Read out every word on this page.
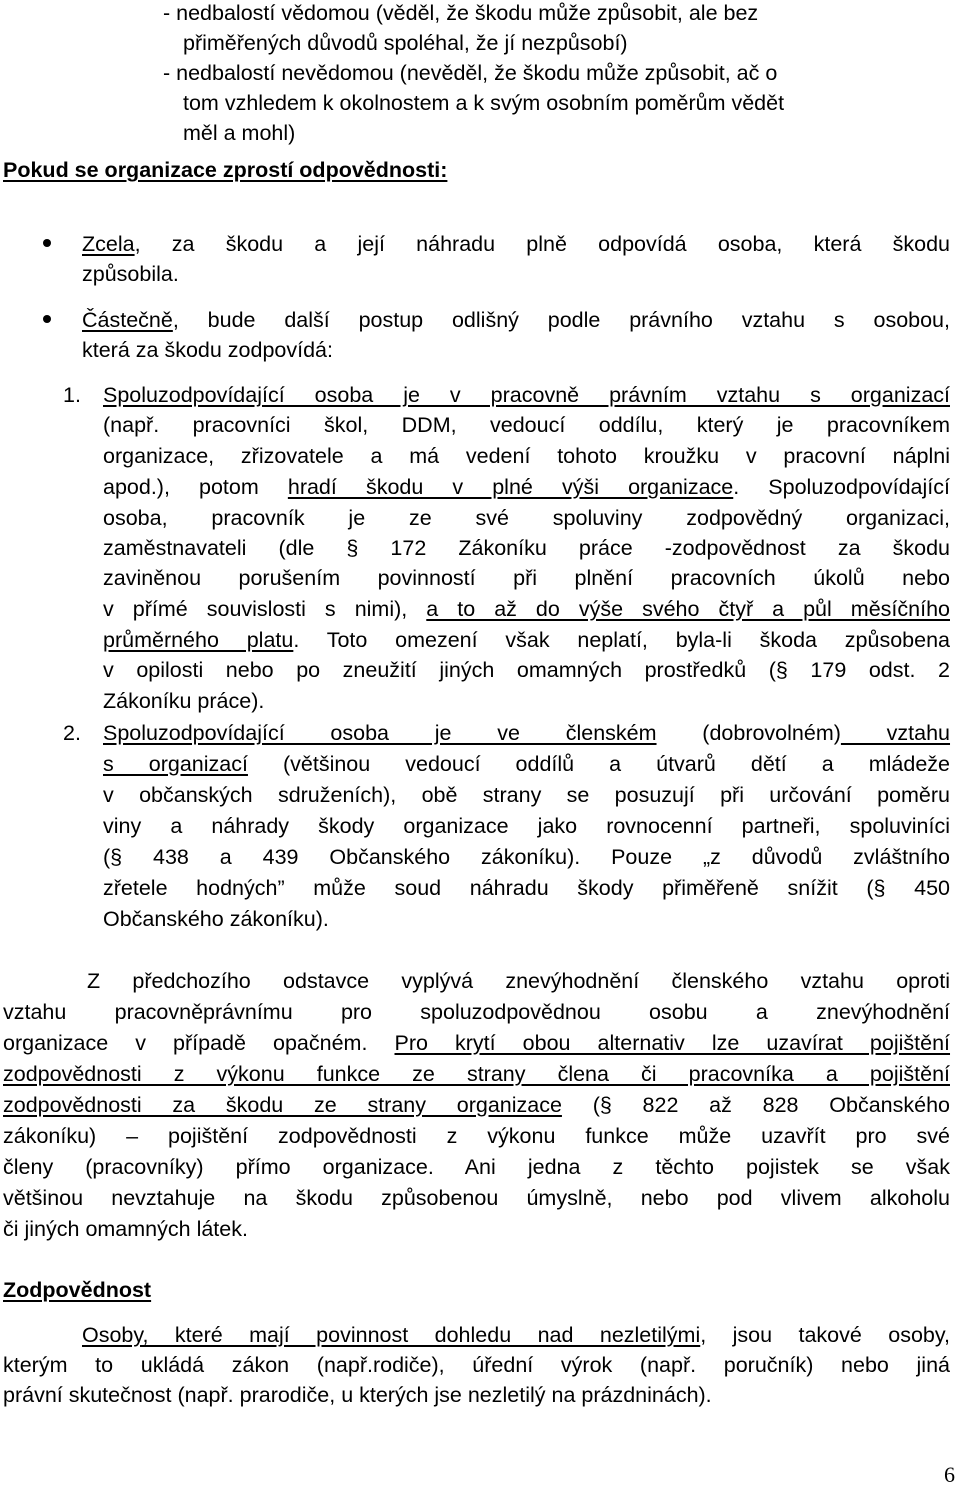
- nedbalostí vědomou (věděl, že škodu může způsobit, ale bez
přiměřených důvodů spoléhal, že jí nezpůsobí)
- nedbalostí nevědomou (nevěděl, že škodu může způsobit, ač o
tom vzhledem k okolnostem a k svým osobním poměrům vědět
měl a mohl)
Pokud se organizace zprostí odpovědnosti:
Zcela, za škodu a její náhradu plně odpovídá osoba, která škodu
způsobila.
Částečně, bude další postup odlišný podle právního vztahu s osobou,
která za škodu zodpovídá:
1. Spoluzodpovídající osoba je v pracovně právním vztahu s organizací
(např. pracovníci škol, DDM, vedoucí oddílu, který je pracovníkem
organizace, zřizovatele a má vedení tohoto kroužku v pracovní náplni
apod.), potom hradí škodu v plné výši organizace. Spoluzodpovídající
osoba, pracovník je ze své spoluviny zodpovědný organizaci,
zaměstnavateli (dle § 172 Zákoníku práce -zodpovědnost za škodu
zaviněnou porušením povinností při plnění pracovních úkolů nebo
v přímé souvislosti s nimi), a to až do výše svého čtyř a půl měsíčního
průměrného platu. Toto omezení však neplatí, byla-li škoda způsobena
v opilosti nebo po zneužití jiných omamných prostředků (§ 179 odst. 2
Zákoníku práce).
2. Spoluzodpovídající osoba je ve členském (dobrovolném) vztahu
s organizací (většinou vedoucí oddílů a útvarů dětí a mládeže
v občanských sdruženích), obě strany se posuzují při určování poměru
viny a náhrady škody organizace jako rovnocenní partneři, spoluviníci
(§ 438 a 439 Občanského zákoníku). Pouze „z důvodů zvláštního
zřetele hodných” může soud náhradu škody přiměřeně snížit (§ 450
Občanského zákoníku).
Z předchozího odstavce vyplývá znevýhodnění členského vztahu oproti
vztahu pracovněprávnímu pro spoluzodpovědnou osobu a znevýhodnění
organizace v případě opačném. Pro krytí obou alternativ lze uzavírat pojištění
zodpovědnosti z výkonu funkce ze strany člena či pracovníka a pojištění
zodpovědnosti za škodu ze strany organizace (§ 822 až 828 Občanského
zákoníku) – pojištění zodpovědnosti z výkonu funkce může uzavřít pro své
členy (pracovníky) přímo organizace. Ani jedna z těchto pojistek se však
většinou nevztahuje na škodu způsobenou úmyslně, nebo pod vlivem alkoholu
či jiných omamných látek.
Zodpovědnost
Osoby, které mají povinnost dohledu nad nezletilými, jsou takové osoby,
kterým to ukládá zákon (např.rodiče), úřední výrok (např. poručník) nebo jiná
právní skutečnost (např. prarodiče, u kterých jse nezletilý na prázdninách).
6
